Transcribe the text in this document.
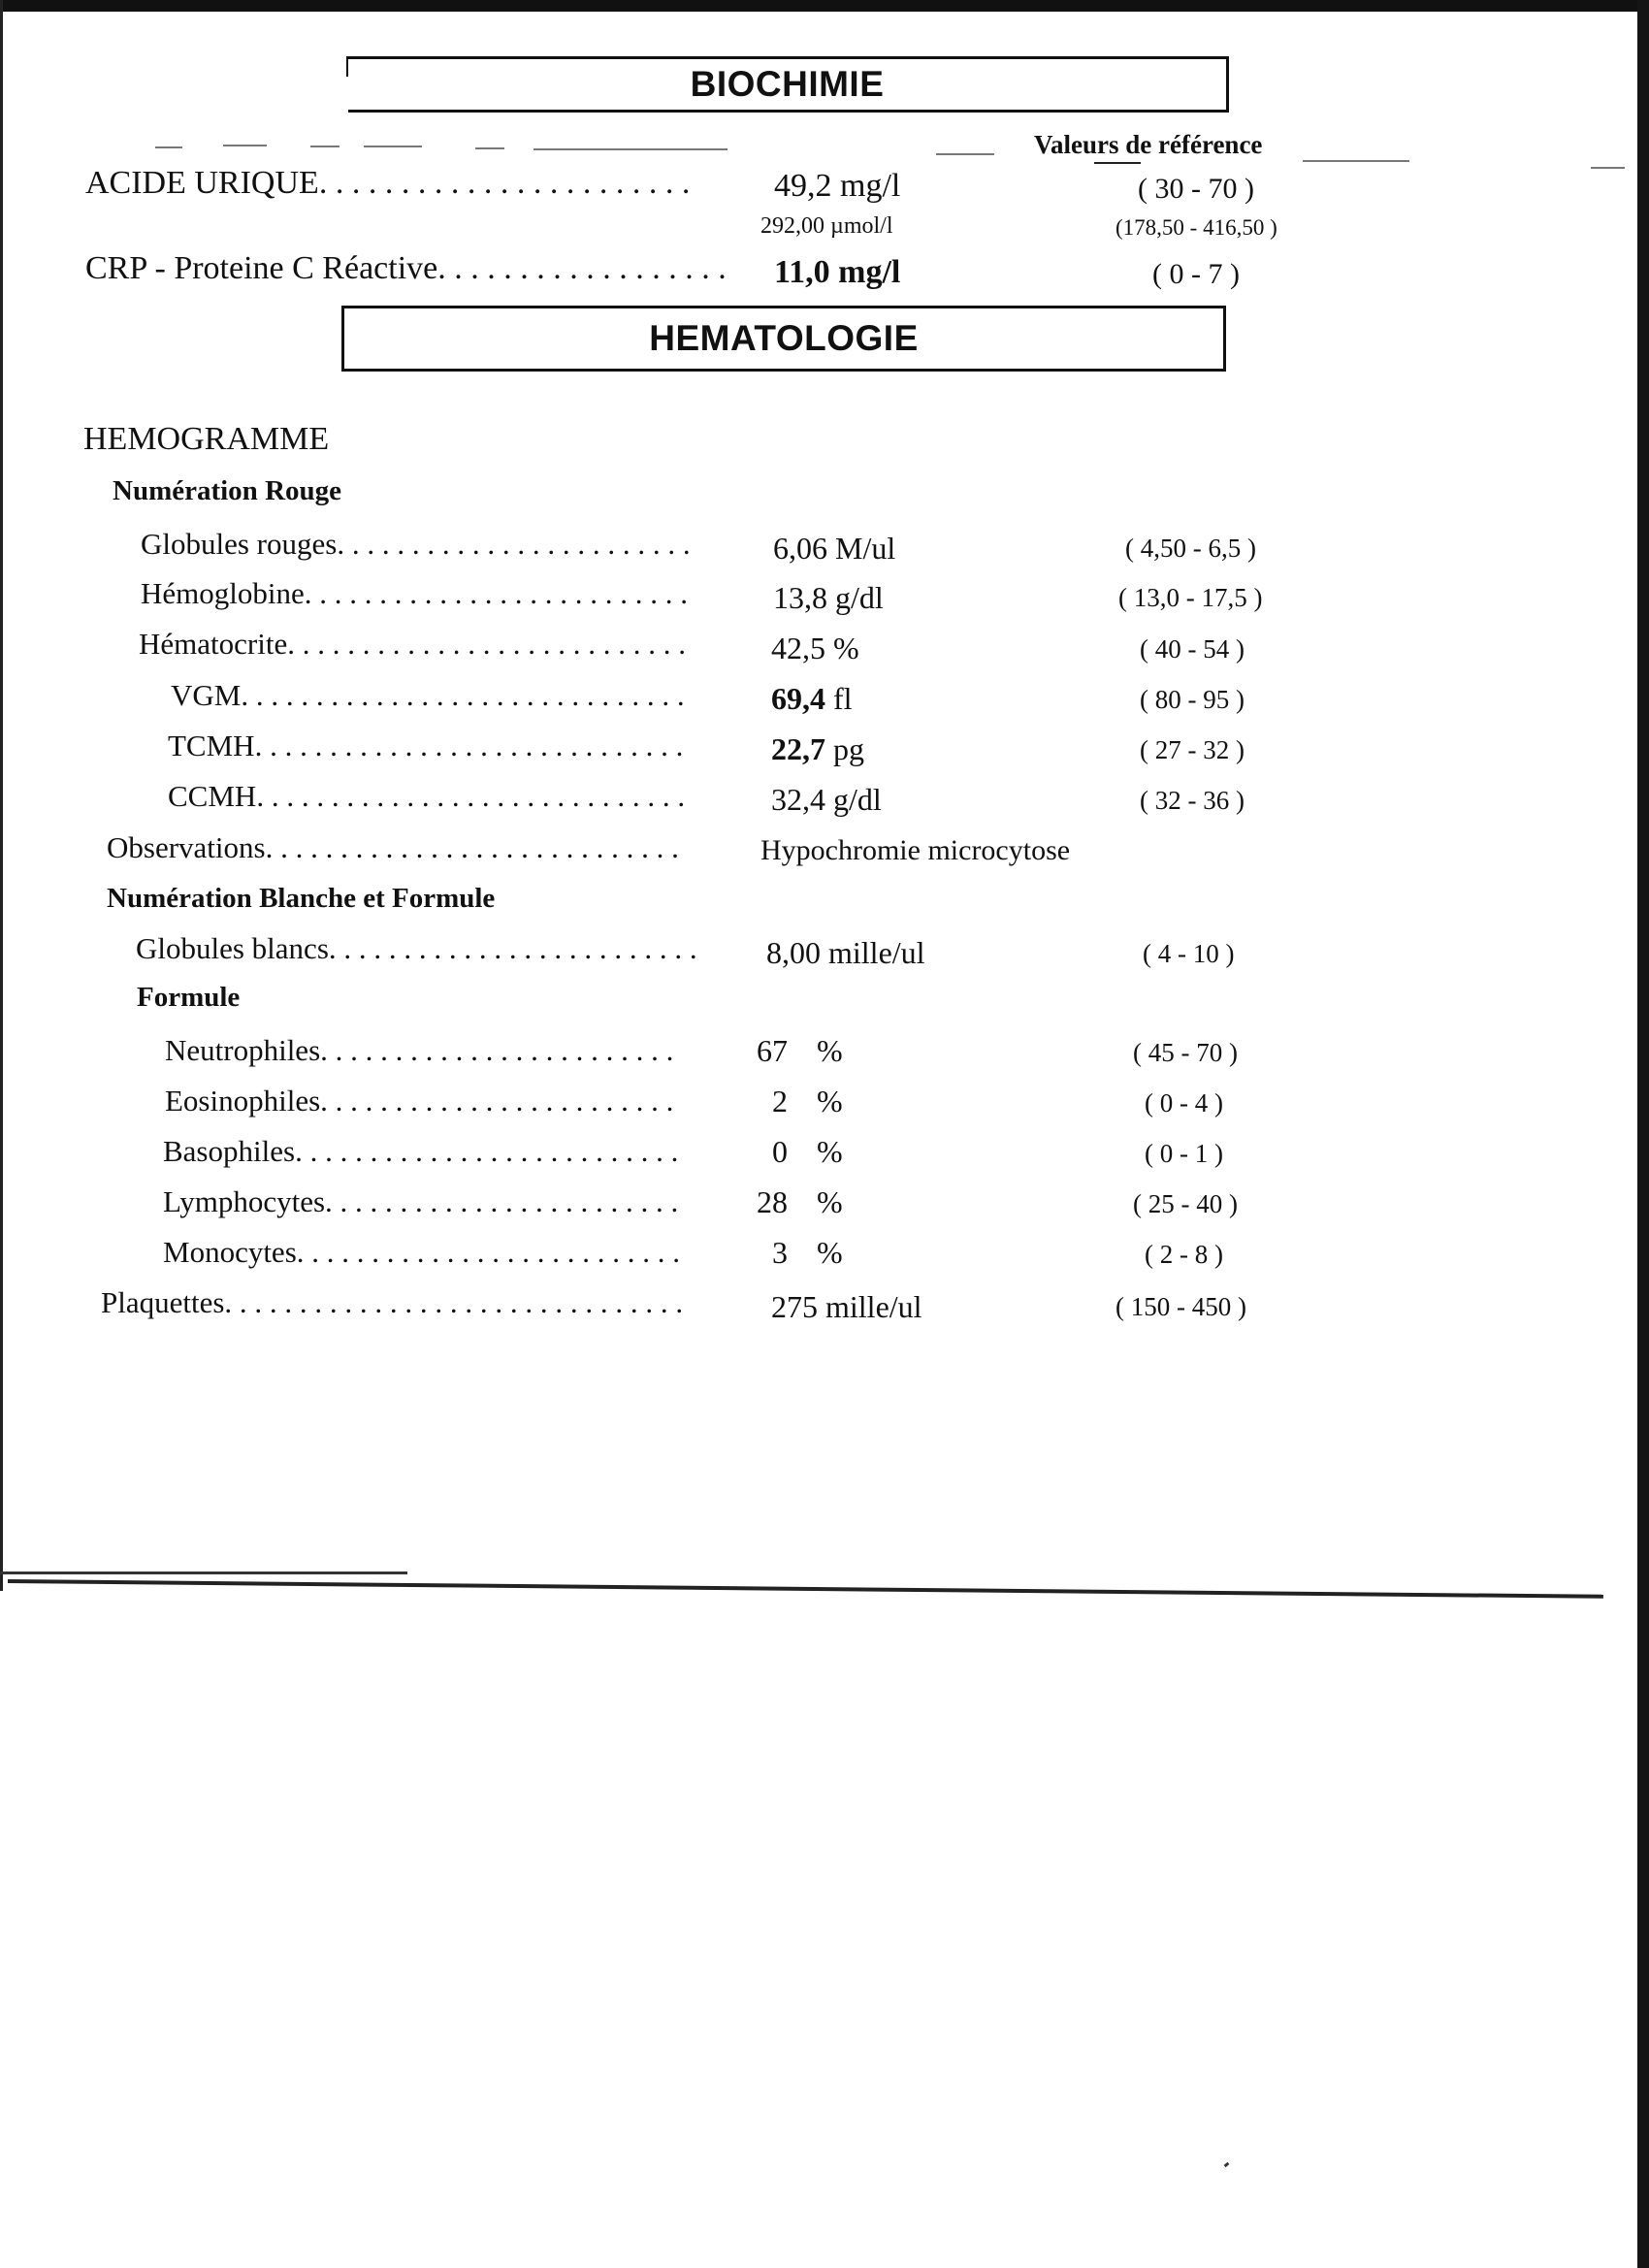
BIOCHIMIE
Valeurs de référence
ACIDE URIQUE. . . . . . . . . . . . . . . . . . . . . . .	49,2 mg/l	( 30 - 70 )
292,00 µmol/l	(178,50 - 416,50 )
CRP - Proteine C Réactive. . . . . . . . . . . . . . . . . . 11,0 mg/l	( 0 - 7 )
HEMATOLOGIE
HEMOGRAMME
Numération Rouge
Globules rouges. . . . . . . . . . . . . . . . . . . . . . . .	6,06 M/ul	( 4,50 - 6,5 )
Hémoglobine. . . . . . . . . . . . . . . . . . . . . . . . . .	13,8 g/dl	( 13,0 - 17,5 )
Hématocrite. . . . . . . . . . . . . . . . . . . . . . . . . . .	42,5 %	( 40 - 54 )
VGM. . . . . . . . . . . . . . . . . . . . . . . . . . . . . .	69,4 fl	( 80 - 95 )
TCMH. . . . . . . . . . . . . . . . . . . . . . . . . . . . .	22,7 pg	( 27 - 32 )
CCMH. . . . . . . . . . . . . . . . . . . . . . . . . . . . .	32,4 g/dl	( 32 - 36 )
Observations. . . . . . . . . . . . . . . . . . . . . . . . . . . .	Hypochromie microcytose
Numération Blanche et Formule
Globules blancs. . . . . . . . . . . . . . . . . . . . . . . . . 8,00 mille/ul	( 4 - 10 )
Formule
Neutrophiles. . . . . . . . . . . . . . . . . . . . . . . .	67 %	( 45 - 70 )
Eosinophiles. . . . . . . . . . . . . . . . . . . . . . . .	2 %	( 0 - 4 )
Basophiles. . . . . . . . . . . . . . . . . . . . . . . . . .	0 %	( 0 - 1 )
Lymphocytes. . . . . . . . . . . . . . . . . . . . . . . .	28 %	( 25 - 40 )
Monocytes. . . . . . . . . . . . . . . . . . . . . . . . . .	3 %	( 2 - 8 )
Plaquettes. . . . . . . . . . . . . . . . . . . . . . . . . . . . . . .	275 mille/ul	( 150 - 450 )
